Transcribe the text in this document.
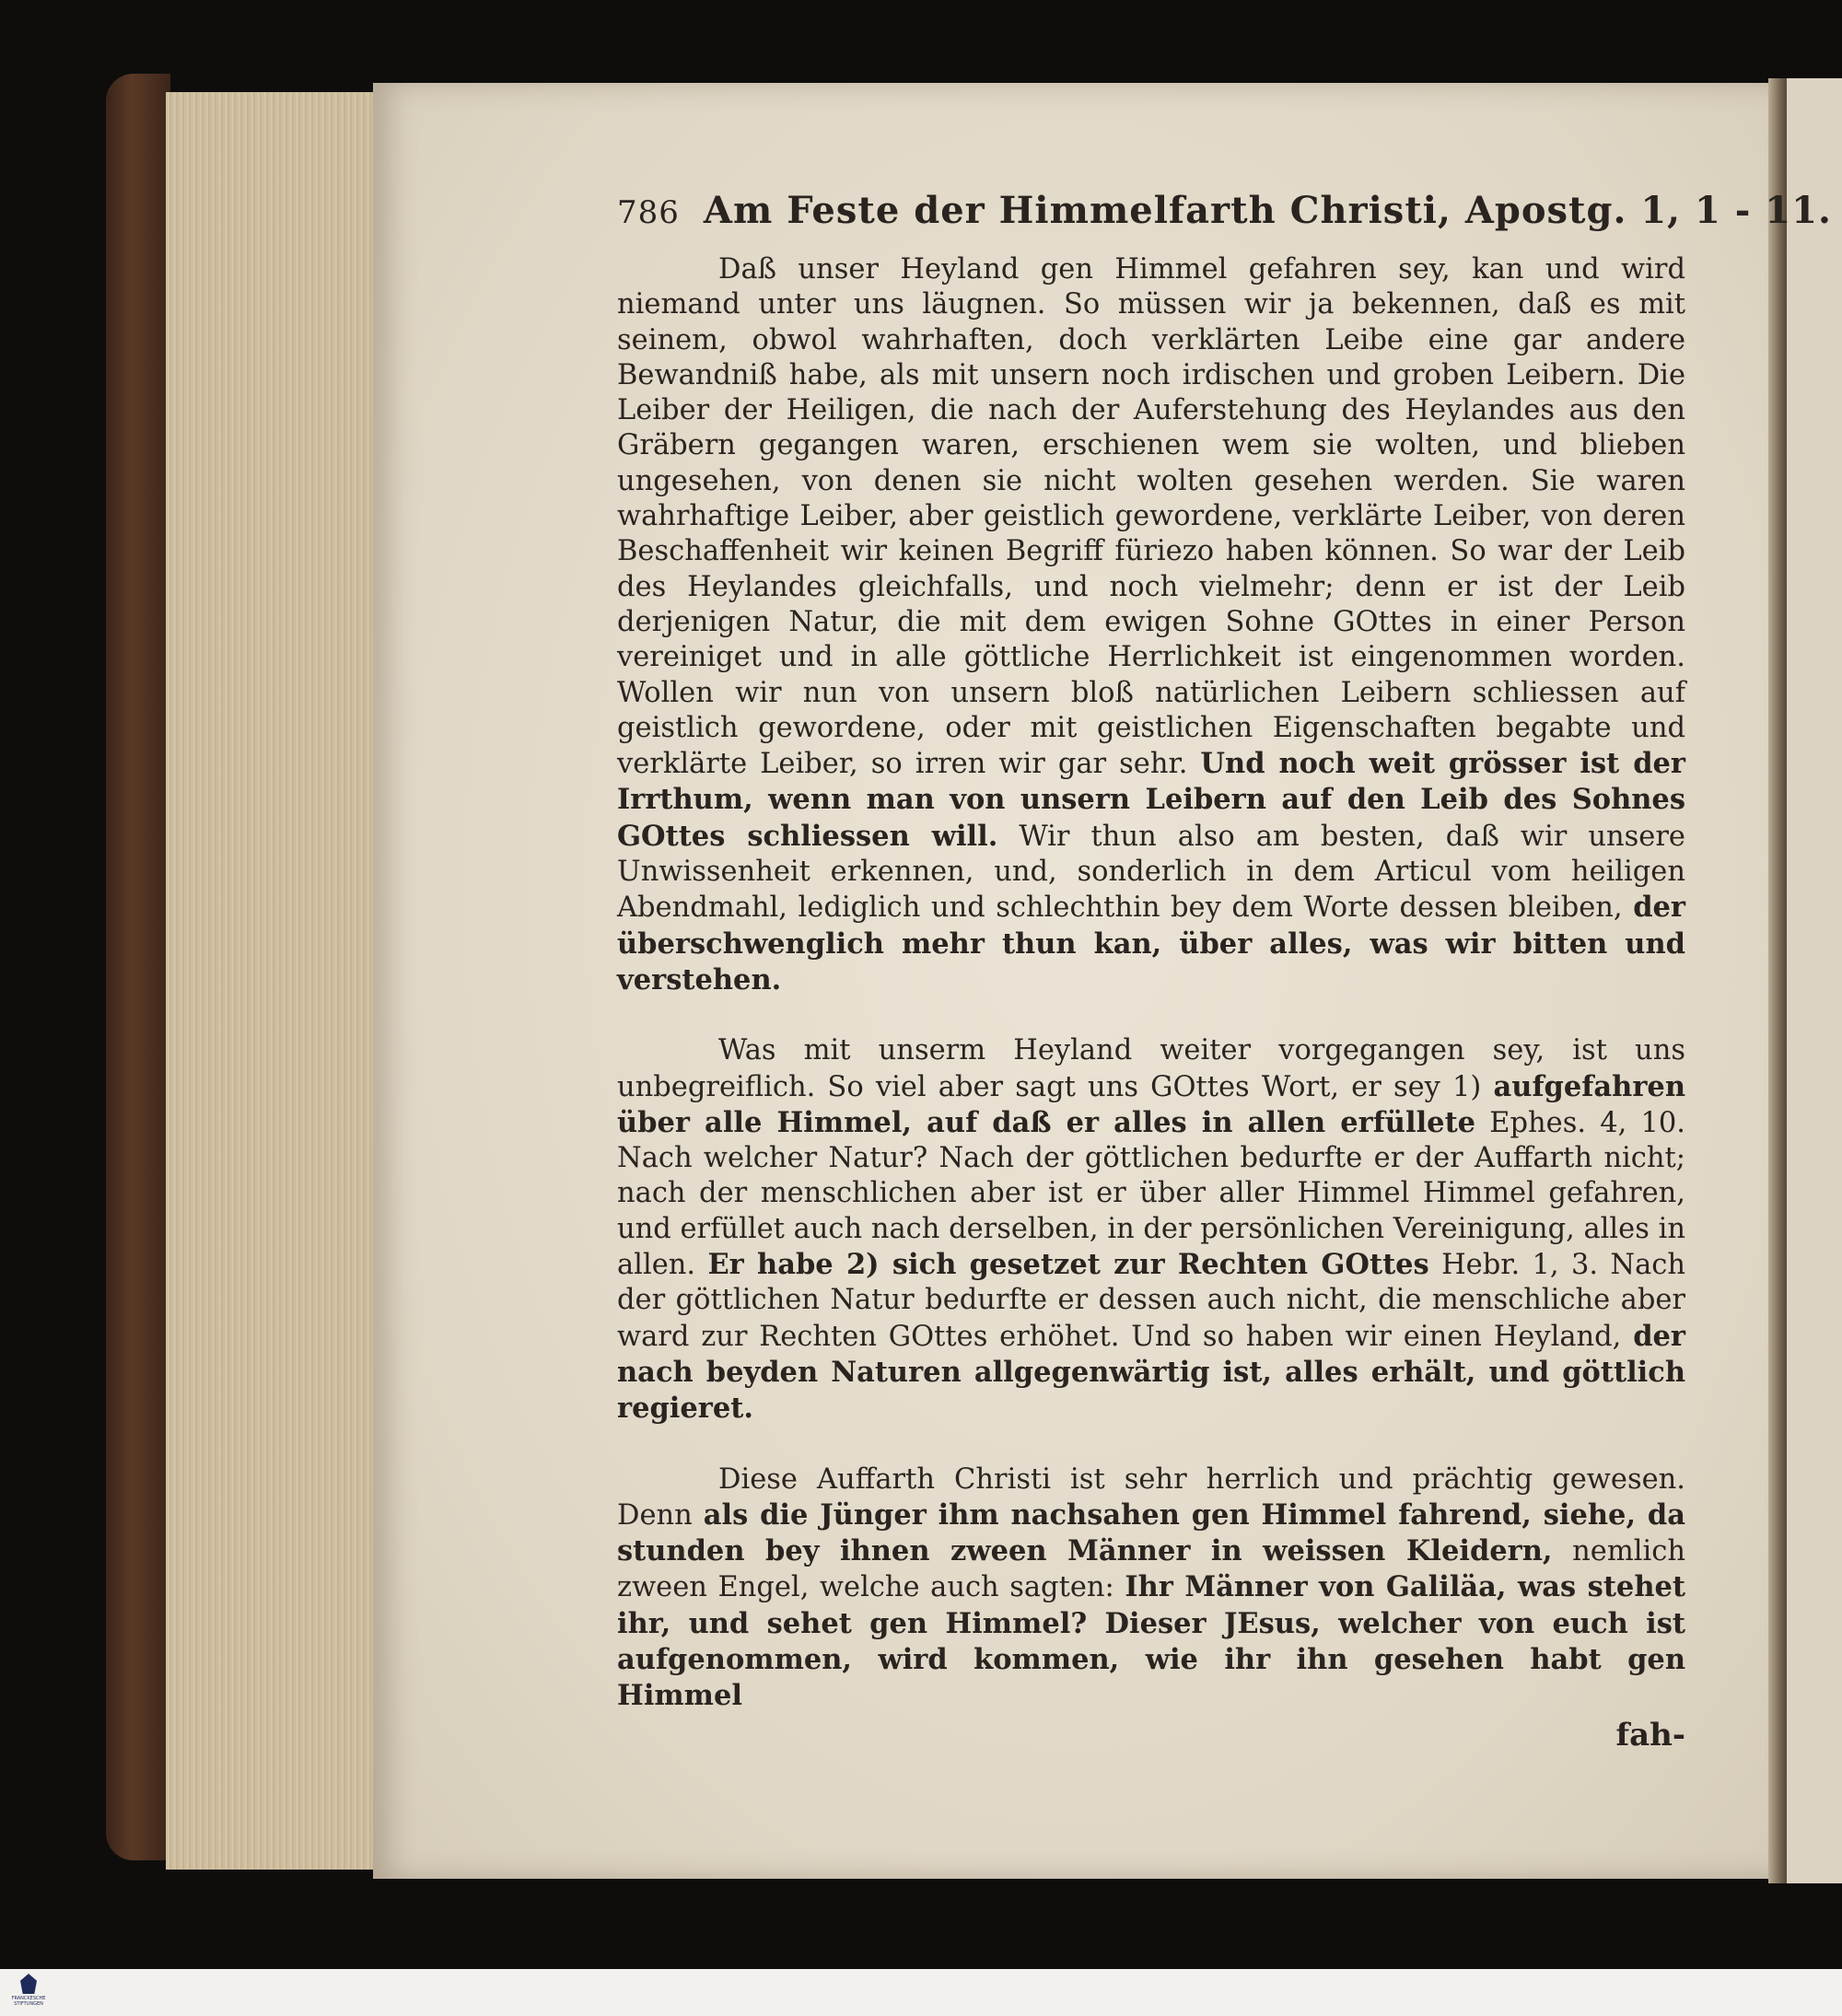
786 Am Feste der Himmelfarth Christi, Apostg. 1, 1 - 11.

Daß unser Heyland gen Himmel gefahren sey, kan und wird niemand unter uns läugnen. So müssen wir ja bekennen, daß es mit seinem, obwol wahrhaften, doch verklärten Leibe eine gar andere Bewandniß habe, als mit unsern noch irdischen und groben Leibern. Die Leiber der Heiligen, die nach der Auferstehung des Heylandes aus den Gräbern gegangen waren, erschienen wem sie wolten, und blieben ungesehen, von denen sie nicht wolten gesehen werden. Sie waren wahrhaftige Leiber, aber geistlich gewordene, verklärte Leiber, von deren Beschaffenheit wir keinen Begriff füriezo haben können. So war der Leib des Heylandes gleichfalls, und noch vielmehr; denn er ist der Leib derjenigen Natur, die mit dem ewigen Sohne GOttes in einer Person vereiniget und in alle göttliche Herrlichkeit ist eingenommen worden. Wollen wir nun von unsern bloß natürlichen Leibern schliessen auf geistlich gewordene, oder mit geistlichen Eigenschaften begabte und verklärte Leiber, so irren wir gar sehr. Und noch weit grösser ist der Irrthum, wenn man von unsern Leibern auf den Leib des Sohnes GOttes schliessen will. Wir thun also am besten, daß wir unsere Unwissenheit erkennen, und, sonderlich in dem Articul vom heiligen Abendmahl, lediglich und schlechthin bey dem Worte dessen bleiben, der überschwenglich mehr thun kan, über alles, was wir bitten und verstehen.

Was mit unserm Heyland weiter vorgegangen sey, ist uns unbegreiflich. So viel aber sagt uns GOttes Wort, er sey 1) aufgefahren über alle Himmel, auf daß er alles in allen erfüllete Ephes. 4, 10. Nach welcher Natur? Nach der göttlichen bedurfte er der Auffarth nicht; nach der menschlichen aber ist er über aller Himmel Himmel gefahren, und erfüllet auch nach derselben, in der persönlichen Vereinigung, alles in allen. Er habe 2) sich gesetzet zur Rechten GOttes Hebr. 1, 3. Nach der göttlichen Natur bedurfte er dessen auch nicht, die menschliche aber ward zur Rechten GOttes erhöhet. Und so haben wir einen Heyland, der nach beyden Naturen allgegenwärtig ist, alles erhält, und göttlich regieret.

Diese Auffarth Christi ist sehr herrlich und prächtig gewesen. Denn als die Jünger ihm nachsahen gen Himmel fahrend, siehe, da stunden bey ihnen zween Männer in weissen Kleidern, nemlich zween Engel, welche auch sagten: Ihr Männer von Galiläa, was stehet ihr, und sehet gen Himmel? Dieser JEsus, welcher von euch ist aufgenommen, wird kommen, wie ihr ihn gesehen habt gen Himmel

fah-
FRANCKESCHE STIFTUNGEN
